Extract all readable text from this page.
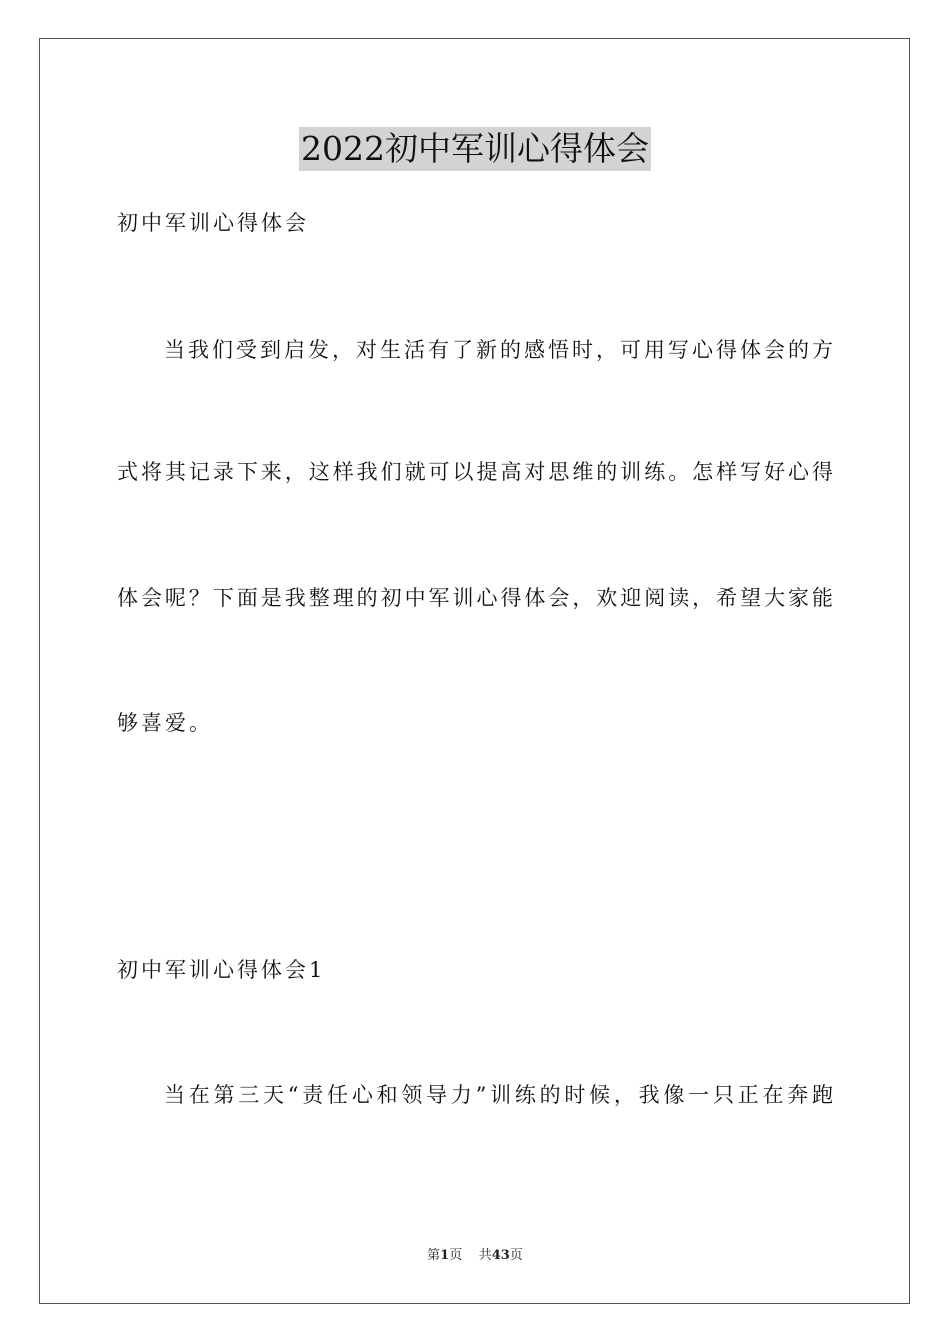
2022初中军训心得体会
初中军训心得体会
当我们受到启发，对生活有了新的感悟时，可用写心得体会的方
式将其记录下来，这样我们就可以提高对思维的训练。怎样写好心得
体会呢？下面是我整理的初中军训心得体会，欢迎阅读，希望大家能
够喜爱。
初中军训心得体会1
当在第三天“责任心和领导力”训练的时候，我像一只正在奔跑
第1页 共43页
